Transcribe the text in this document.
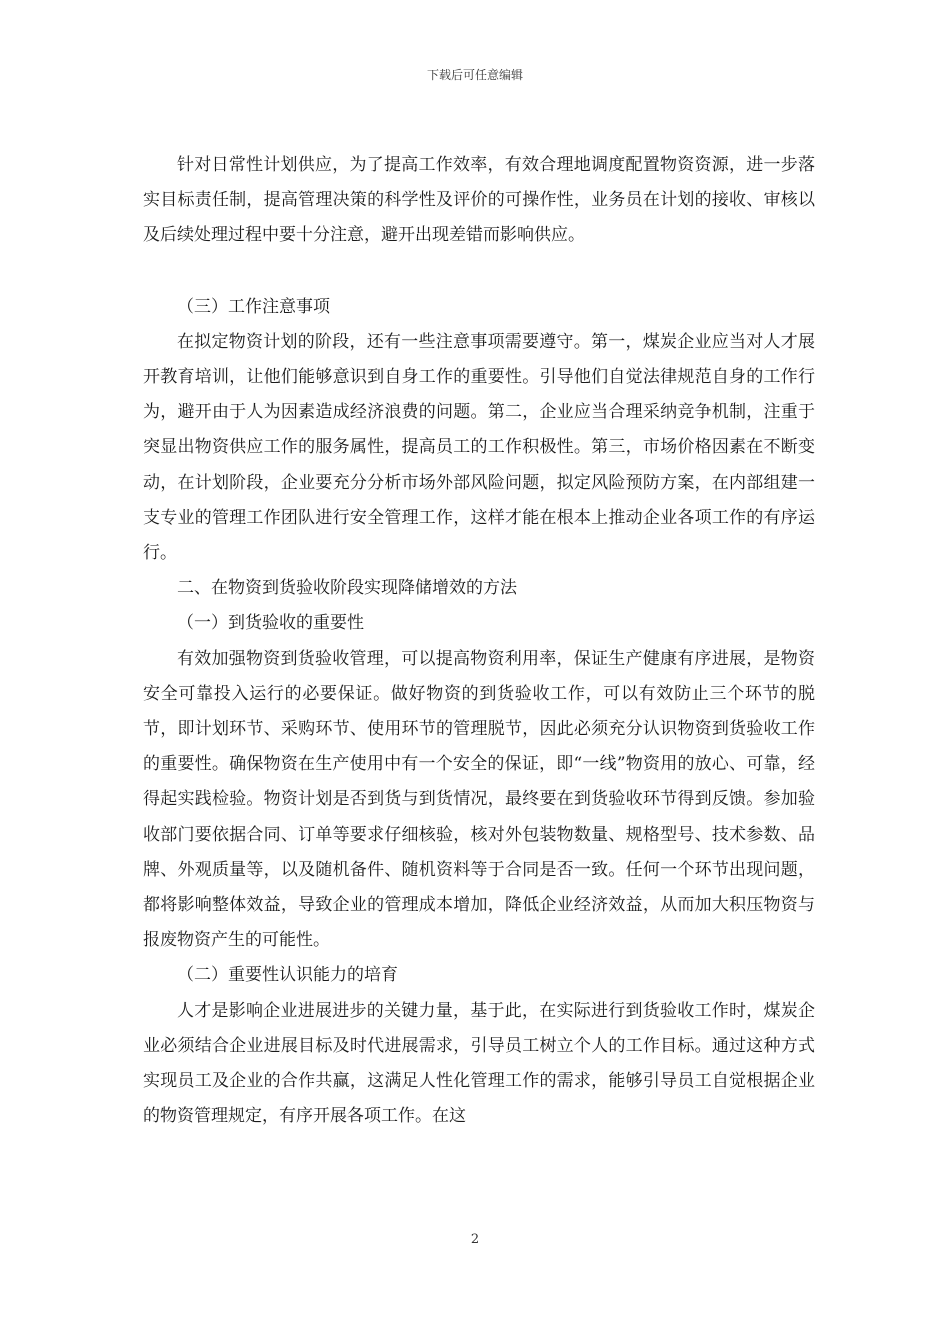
下载后可任意编辑

针对日常性计划供应，为了提高工作效率，有效合理地调度配置物资资源，进一步落实目标责任制，提高管理决策的科学性及评价的可操作性，业务员在计划的接收、审核以及后续处理过程中要十分注意，避开出现差错而影响供应。

（三）工作注意事项

在拟定物资计划的阶段，还有一些注意事项需要遵守。第一，煤炭企业应当对人才展开教育培训，让他们能够意识到自身工作的重要性。引导他们自觉法律规范自身的工作行为，避开由于人为因素造成经济浪费的问题。第二，企业应当合理采纳竞争机制，注重于突显出物资供应工作的服务属性，提高员工的工作积极性。第三，市场价格因素在不断变动，在计划阶段，企业要充分分析市场外部风险问题，拟定风险预防方案，在内部组建一支专业的管理工作团队进行安全管理工作，这样才能在根本上推动企业各项工作的有序运行。

二、在物资到货验收阶段实现降储增效的方法

（一）到货验收的重要性

有效加强物资到货验收管理，可以提高物资利用率，保证生产健康有序进展，是物资安全可靠投入运行的必要保证。做好物资的到货验收工作，可以有效防止三个环节的脱节，即计划环节、采购环节、使用环节的管理脱节，因此必须充分认识物资到货验收工作的重要性。确保物资在生产使用中有一个安全的保证，即“一线”物资用的放心、可靠，经得起实践检验。物资计划是否到货与到货情况，最终要在到货验收环节得到反馈。参加验收部门要依据合同、订单等要求仔细核验，核对外包装物数量、规格型号、技术参数、品牌、外观质量等，以及随机备件、随机资料等于合同是否一致。任何一个环节出现问题，都将影响整体效益，导致企业的管理成本增加，降低企业经济效益，从而加大积压物资与报废物资产生的可能性。

（二）重要性认识能力的培育

人才是影响企业进展进步的关键力量，基于此，在实际进行到货验收工作时，煤炭企业必须结合企业进展目标及时代进展需求，引导员工树立个人的工作目标。通过这种方式实现员工及企业的合作共赢，这满足人性化管理工作的需求，能够引导员工自觉根据企业的物资管理规定，有序开展各项工作。在这

2
